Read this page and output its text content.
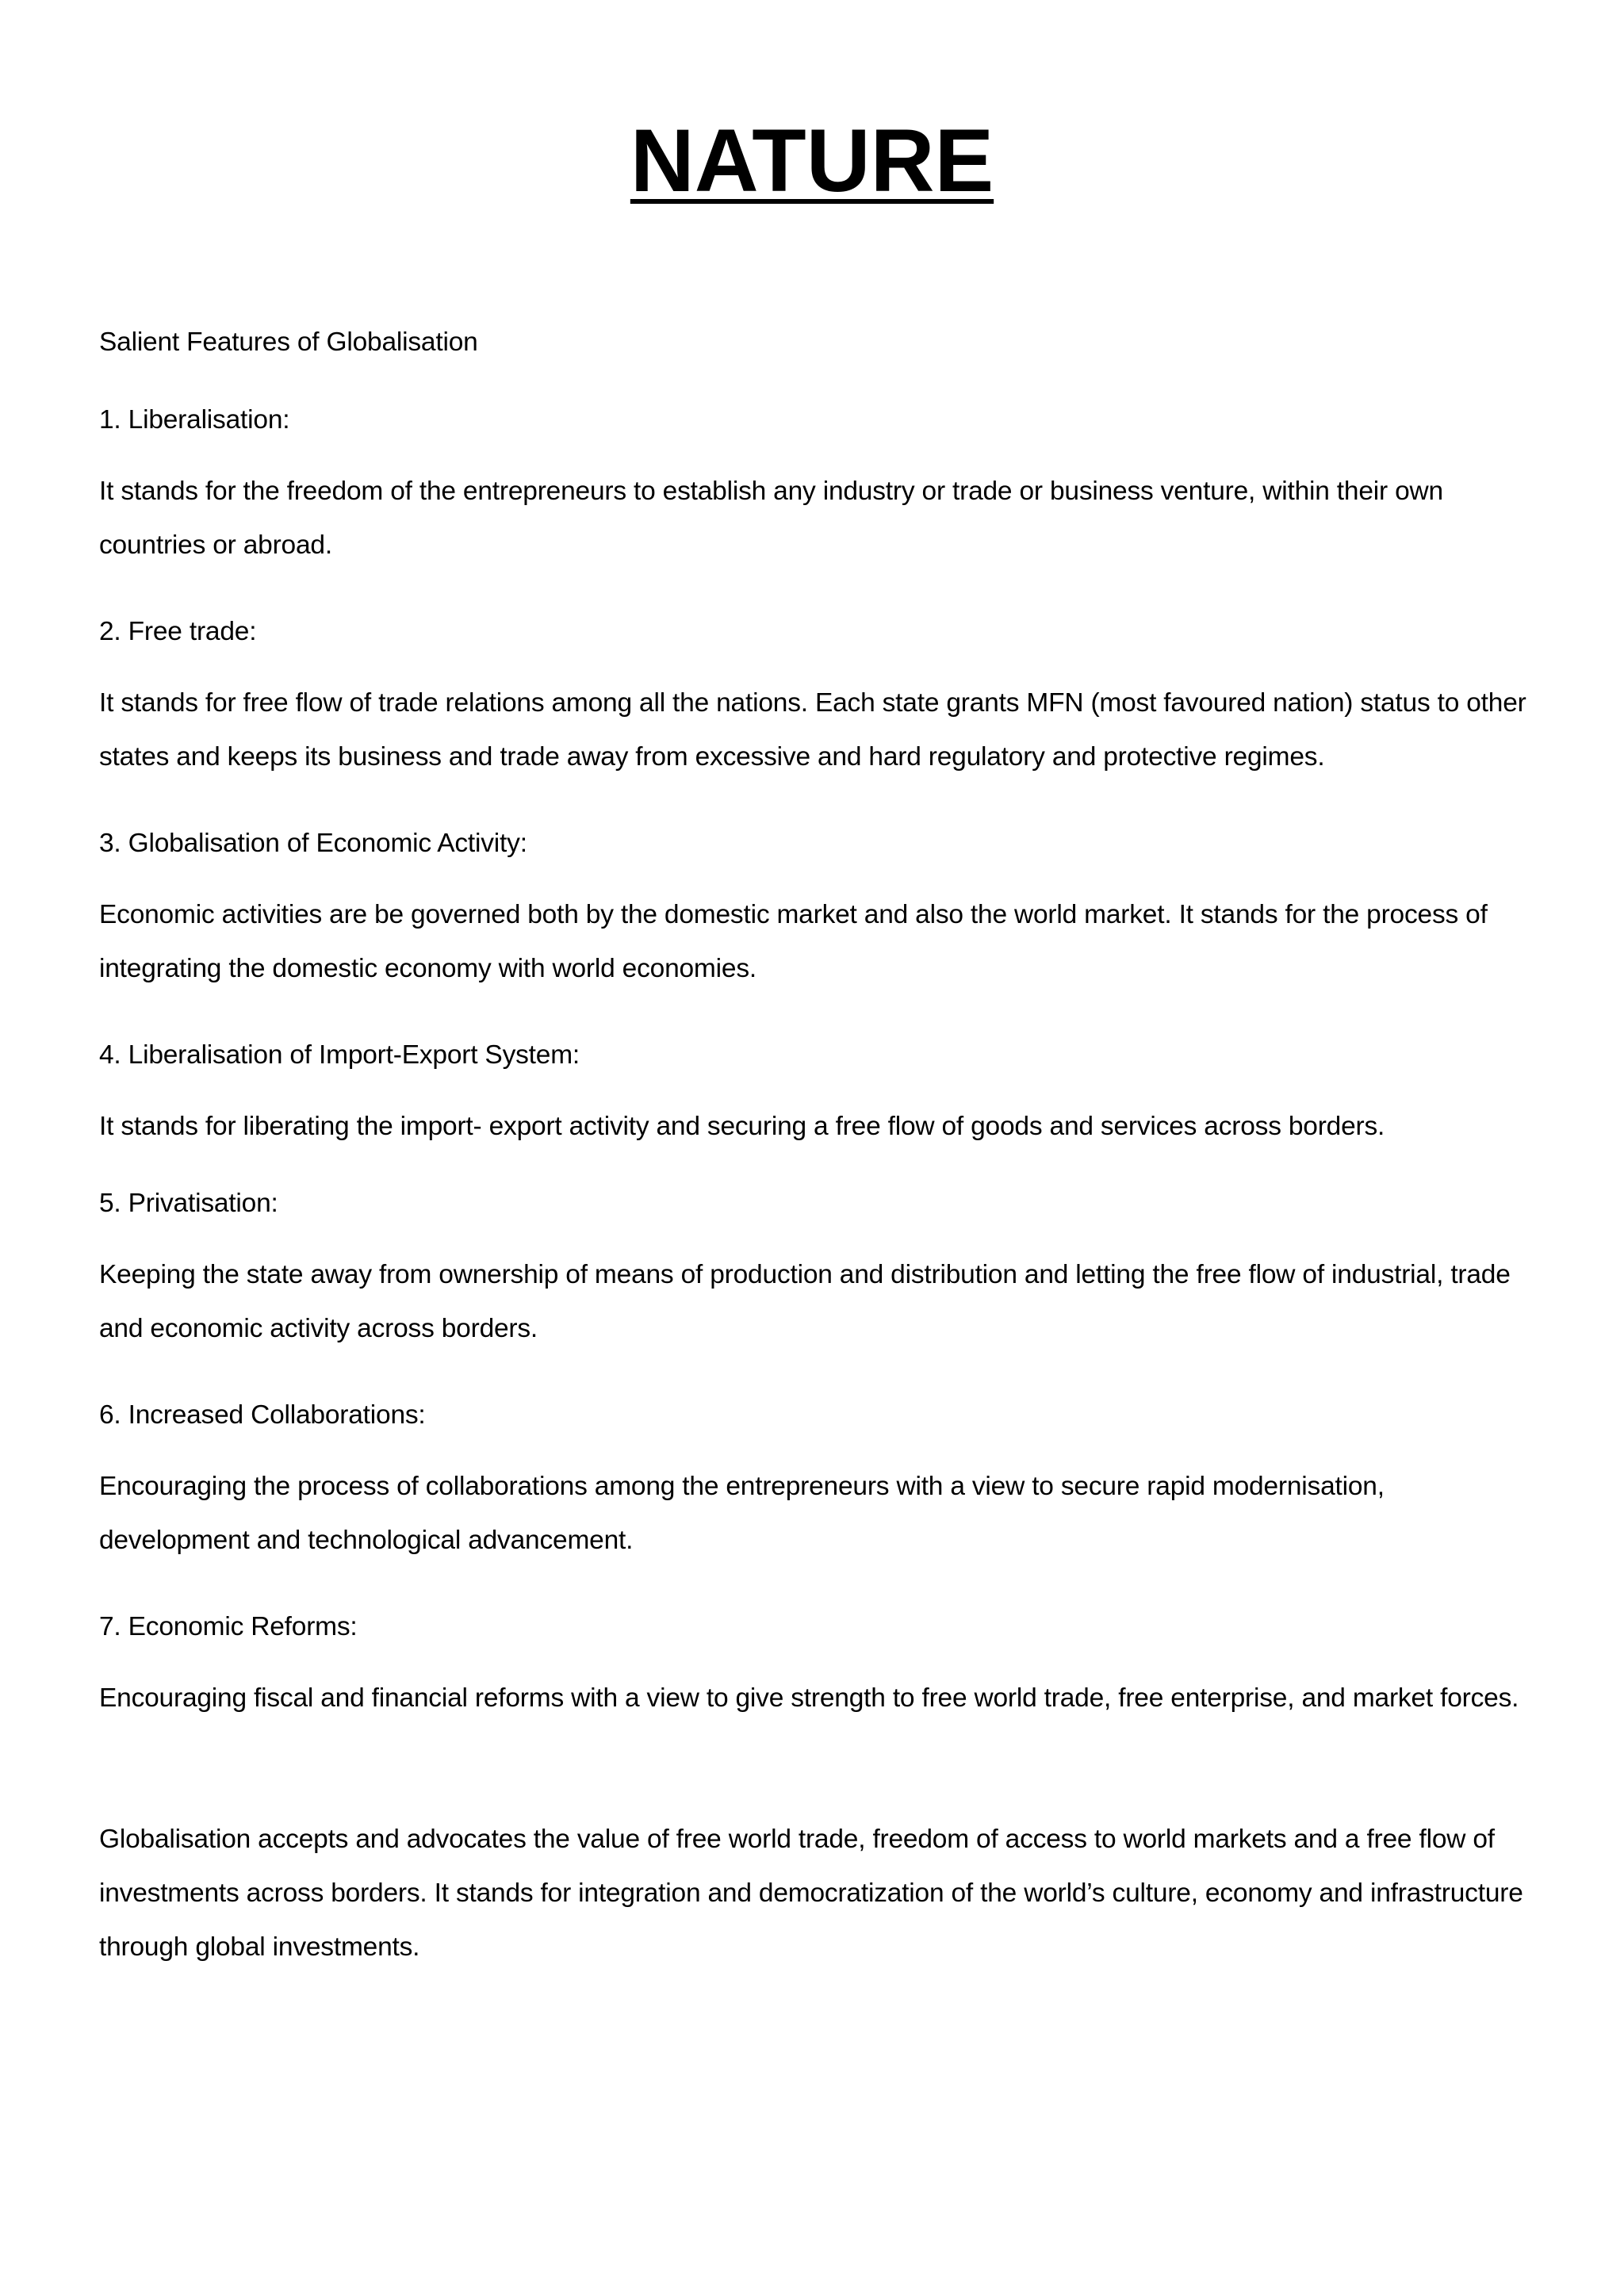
NATURE

Salient Features of Globalisation

1. Liberalisation:

It stands for the freedom of the entrepreneurs to establish any industry or trade or business venture, within their own countries or abroad.

2. Free trade:

It stands for free flow of trade relations among all the nations. Each state grants MFN (most favoured nation) status to other states and keeps its business and trade away from excessive and hard regulatory and protective regimes.

3. Globalisation of Economic Activity:

Economic activities are be governed both by the domestic market and also the world market. It stands for the process of integrating the domestic economy with world economies.

4. Liberalisation of Import-Export System:

It stands for liberating the import- export activity and securing a free flow of goods and services across borders.

5. Privatisation:

Keeping the state away from ownership of means of production and distribution and letting the free flow of industrial, trade and economic activity across borders.

6. Increased Collaborations:

Encouraging the process of collaborations among the entrepreneurs with a view to secure rapid modernisation, development and technological advancement.

7. Economic Reforms:

Encouraging fiscal and financial reforms with a view to give strength to free world trade, free enterprise, and market forces.

Globalisation accepts and advocates the value of free world trade, freedom of access to world markets and a free flow of investments across borders. It stands for integration and democratization of the world’s culture, economy and infrastructure through global investments.
